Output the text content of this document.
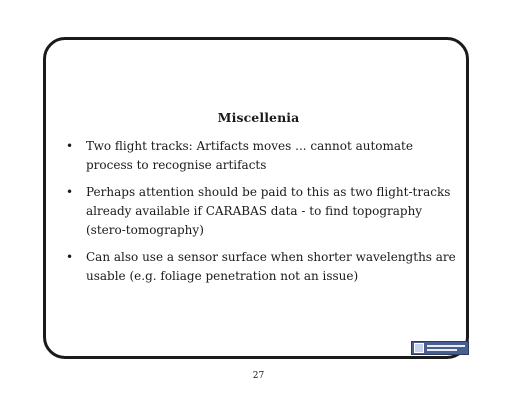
Miscellenia
• Two flight tracks: Artifacts moves ... cannot automate process to recognise artifacts
• Perhaps attention should be paid to this as two flight-tracks already available if CARABAS data - to find topography (stero-tomography)
• Can also use a sensor surface when shorter wavelengths are usable (e.g. foliage penetration not an issue)
27
